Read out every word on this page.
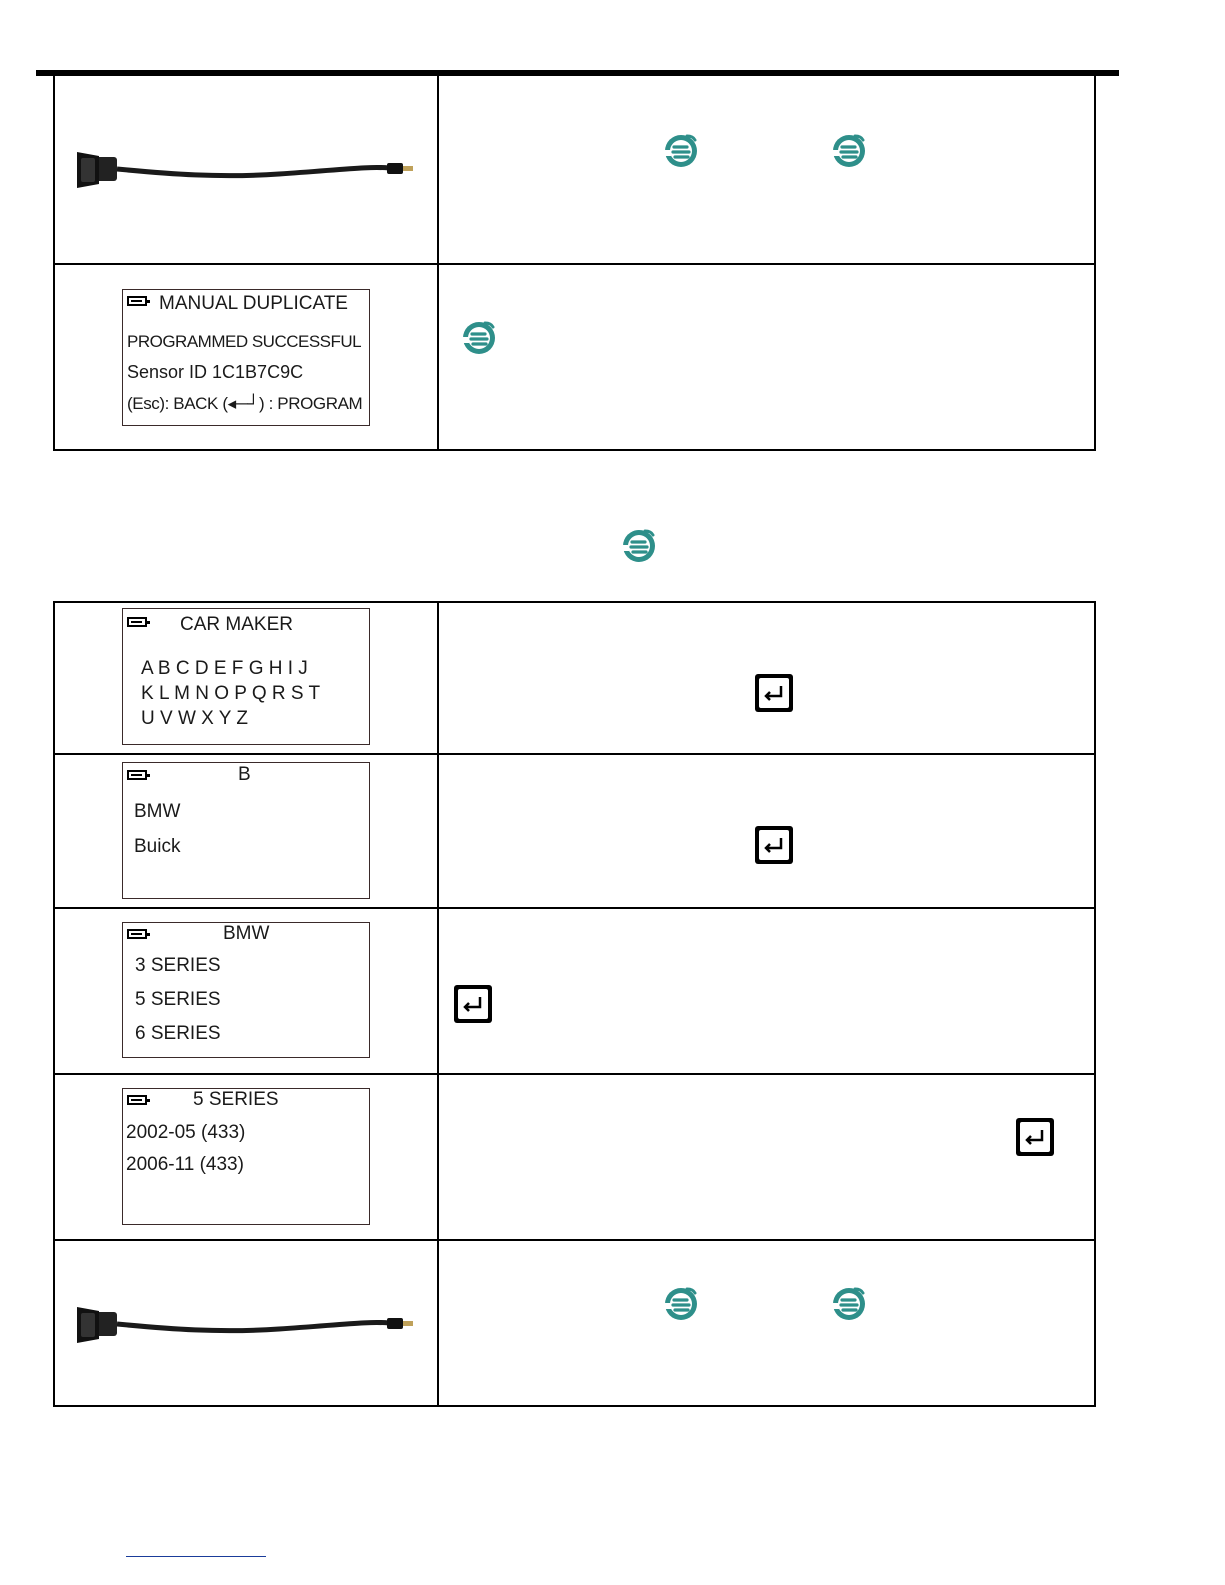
MANUAL DUPLICATE
PROGRAMMED SUCCESSFUL
Sensor ID 1C1B7C9C
(Esc): BACK (◂─┘) : PROGRAM

CAR MAKER
A B C D E F G H I J
K L M N O P Q R S T
U V W X Y Z

B
BMW
Buick

BMW
3 SERIES
5 SERIES
6 SERIES

5 SERIES
2002-05 (433)
2006-11 (433)
